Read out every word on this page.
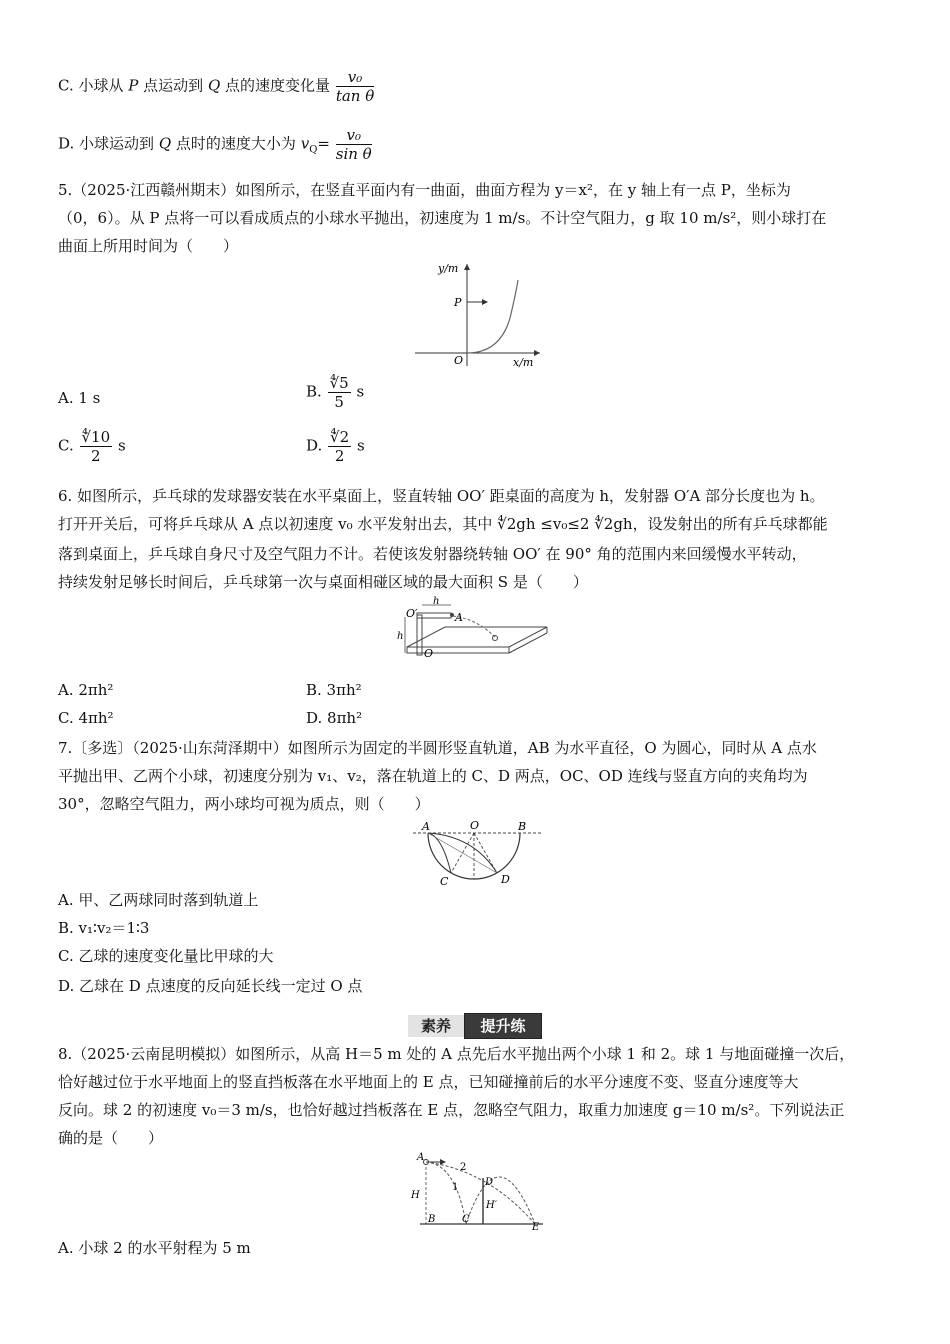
C. 小球从 P 点运动到 Q 点的速度变化量 $\frac{\text{v₀}}{\text{tan θ}}$
D. 小球运动到 Q 点时的速度大小为 $v_Q= \frac{\text{v₀}}{\text{sin θ}}$
5.（2025·江西赣州期末）如图所示，在竖直平面内有一曲面，曲面方程为 y＝x²，在 y 轴上有一点 P，坐标为
（0，6）。从 P 点将一可以看成质点的小球水平抛出，初速度为 1 m/s。不计空气阻力，g 取 10 m/s²，则小球打在
曲面上所用时间为（　　）
y/m
x/m
O
P
A. 1 s	B. $\frac{∜5}{5}$ s
C. $\frac{∜10}{2}$ s	D. $\frac{∜2}{2}$ s
6. 如图所示，乒乓球的发球器安装在水平桌面上，竖直转轴 OO′ 距桌面的高度为 h，发射器 O′A 部分长度也为 h。
打开开关后，可将乒乓球从 A 点以初速度 v₀ 水平发射出去，其中 ∜2gh ≤v₀≤2 ∜2gh，设发射出的所有乒乓球都能
落到桌面上，乒乓球自身尺寸及空气阻力不计。若使该发射器绕转轴 OO′ 在 90° 角的范围内来回缓慢水平转动，
持续发射足够长时间后，乒乓球第一次与桌面相碰区域的最大面积 S 是（　　）
O′
O
A
h
h
A. 2πh²	B. 3πh²
C. 4πh²	D. 8πh²
7.〔多选〕（2025·山东菏泽期中）如图所示为固定的半圆形竖直轨道，AB 为水平直径，O 为圆心，同时从 A 点水
平抛出甲、乙两个小球，初速度分别为 v₁、v₂，落在轨道上的 C、D 两点，OC、OD 连线与竖直方向的夹角均为
30°，忽略空气阻力，两小球均可视为质点，则（　　）
A	O	B
C	D
A. 甲、乙两球同时落到轨道上
B. v₁∶v₂＝1∶3
C. 乙球的速度变化量比甲球的大
D. 乙球在 D 点速度的反向延长线一定过 O 点
素养	提升练
8.（2025·云南昆明模拟）如图所示，从高 H＝5 m 处的 A 点先后水平抛出两个小球 1 和 2。球 1 与地面碰撞一次后，
恰好越过位于水平地面上的竖直挡板落在水平地面上的 E 点，已知碰撞前后的水平分速度不变、竖直分速度等大
反向。球 2 的初速度 v₀＝3 m/s，也恰好越过挡板落在 E 点，忽略空气阻力，取重力加速度 g＝10 m/s²。下列说法正
确的是（　　）
A
B	C
D
E
H
H′
1
2
A. 小球 2 的水平射程为 5 m
